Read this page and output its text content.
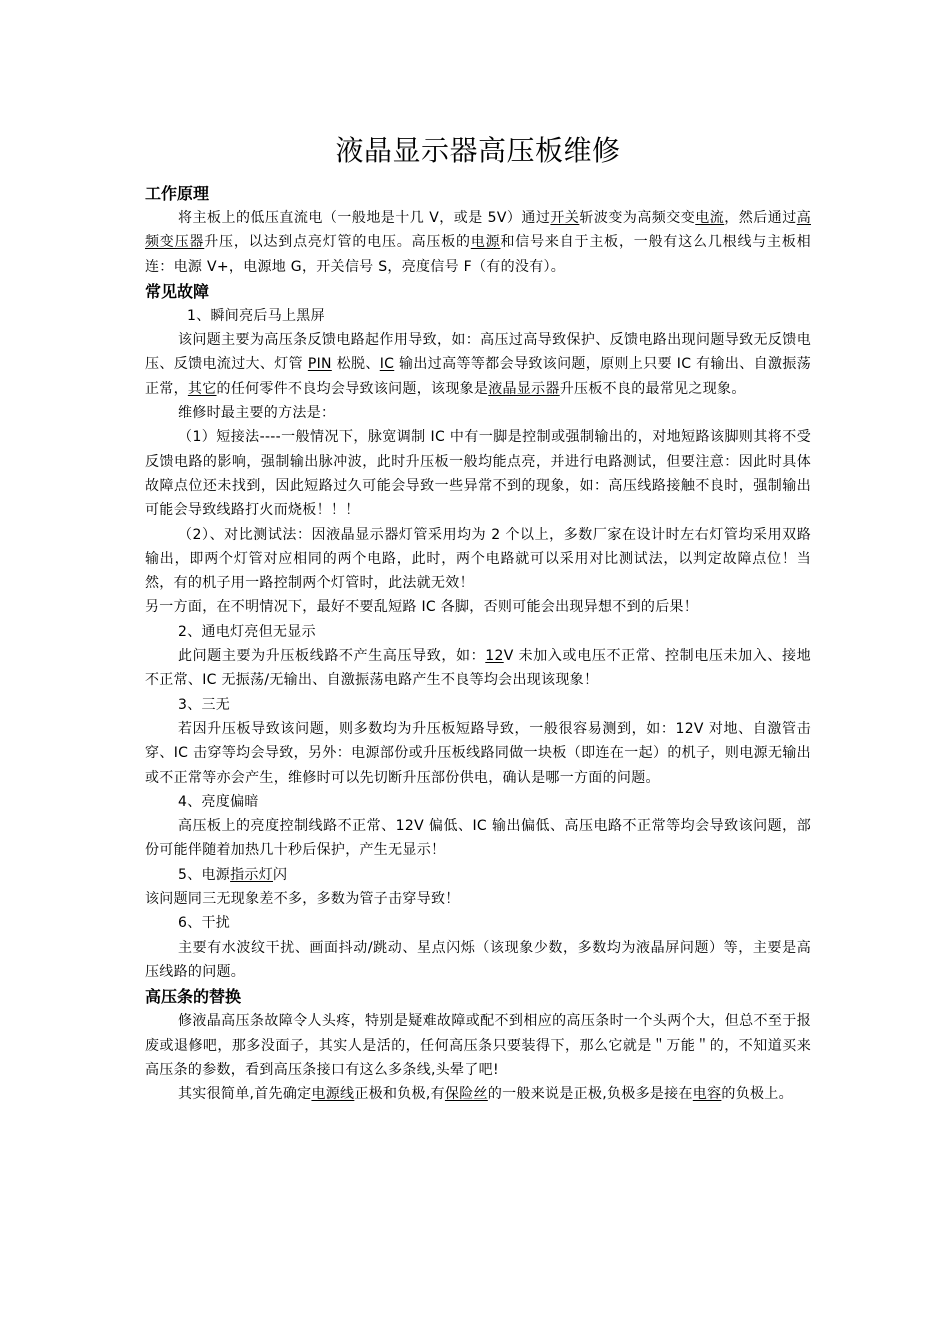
液晶显示器高压板维修
工作原理

将主板上的低压直流电（一般地是十几 V，或是 5V）通过开关斩波变为高频交变电流，然后通过高频变压器升压，以达到点亮灯管的电压。高压板的电源和信号来自于主板，一般有这么几根线与主板相连：电源 V+，电源地 G，开关信号 S，亮度信号 F（有的没有）。

常见故障

1、瞬间亮后马上黑屏

该问题主要为高压条反馈电路起作用导致，如：高压过高导致保护、反馈电路出现问题导致无反馈电压、反馈电流过大、灯管 PIN 松脱、IC 输出过高等等都会导致该问题，原则上只要 IC 有输出、自激振荡正常，其它的任何零件不良均会导致该问题，该现象是液晶显示器升压板不良的最常见之现象。

维修时最主要的方法是：

（1）短接法----一般情况下，脉宽调制 IC 中有一脚是控制或强制输出的，对地短路该脚则其将不受反馈电路的影响，强制输出脉冲波，此时升压板一般均能点亮，并进行电路测试，但要注意：因此时具体故障点位还未找到，因此短路过久可能会导致一些异常不到的现象，如：高压线路接触不良时，强制输出可能会导致线路打火而烧板！！！

（2）、对比测试法：因液晶显示器灯管采用均为 2 个以上，多数厂家在设计时左右灯管均采用双路输出，即两个灯管对应相同的两个电路，此时，两个电路就可以采用对比测试法，以判定故障点位！当然，有的机子用一路控制两个灯管时，此法就无效！

另一方面，在不明情况下，最好不要乱短路 IC 各脚，否则可能会出现异想不到的后果！

2、通电灯亮但无显示

此问题主要为升压板线路不产生高压导致，如：12V 未加入或电压不正常、控制电压未加入、接地不正常、IC 无振荡/无输出、自激振荡电路产生不良等均会出现该现象！

3、三无

若因升压板导致该问题，则多数均为升压板短路导致，一般很容易测到，如：12V 对地、自激管击穿、IC 击穿等均会导致，另外：电源部份或升压板线路同做一块板（即连在一起）的机子，则电源无输出或不正常等亦会产生，维修时可以先切断升压部份供电，确认是哪一方面的问题。

4、亮度偏暗

高压板上的亮度控制线路不正常、12V 偏低、IC 输出偏低、高压电路不正常等均会导致该问题，部份可能伴随着加热几十秒后保护，产生无显示！

5、电源指示灯闪

该问题同三无现象差不多，多数为管子击穿导致！

6、干扰

主要有水波纹干扰、画面抖动/跳动、星点闪烁（该现象少数，多数均为液晶屏问题）等，主要是高压线路的问题。

高压条的替换

修液晶高压条故障令人头疼，特别是疑难故障或配不到相应的高压条时一个头两个大，但总不至于报废或退修吧，那多没面子，其实人是活的，任何高压条只要装得下，那么它就是＂万能＂的，不知道买来高压条的参数，看到高压条接口有这么多条线,头晕了吧!

其实很简单,首先确定电源线正极和负极,有保险丝的一般来说是正极,负极多是接在电容的负极上。
